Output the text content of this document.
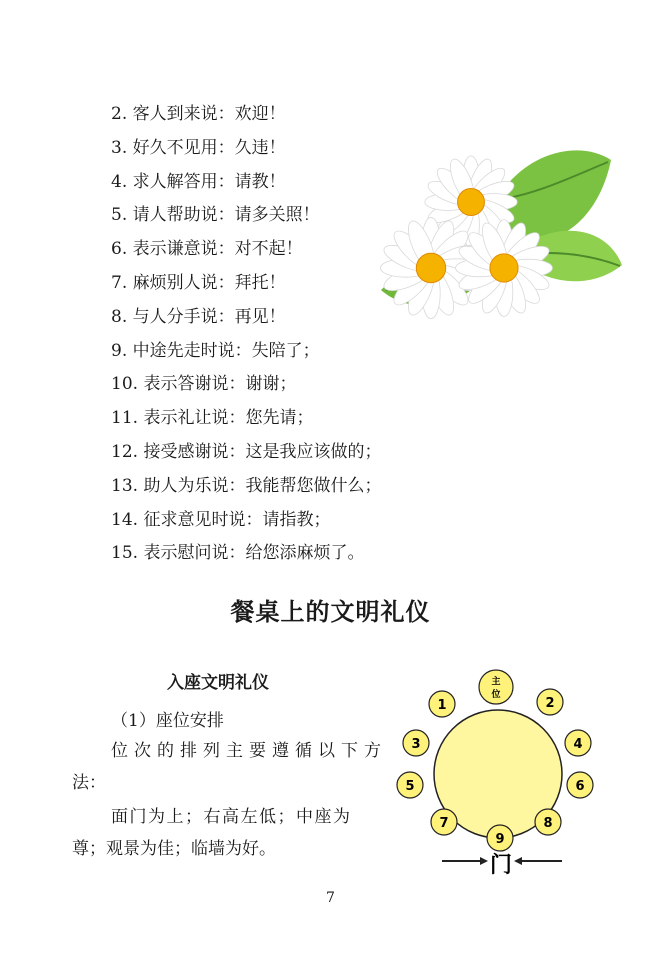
2. 客人到来说：欢迎！
3. 好久不见用：久违！
4. 求人解答用：请教！
5. 请人帮助说：请多关照！
6. 表示谦意说：对不起！
7. 麻烦别人说：拜托！
8. 与人分手说：再见！
9. 中途先走时说：失陪了；
10. 表示答谢说：谢谢；
11. 表示礼让说：您先请；
12. 接受感谢说：这是我应该做的；
13. 助人为乐说：我能帮您做什么；
14. 征求意见时说：请指教；
15. 表示慰问说：给您添麻烦了。
餐桌上的文明礼仪
入座文明礼仪
（1）座位安排
位次的排列主要遵循以下方
法：
面门为上；右高左低；中座为
尊；观景为佳；临墙为好。
主
位
1	2
3	4
5	6
7	8
9
门
7
